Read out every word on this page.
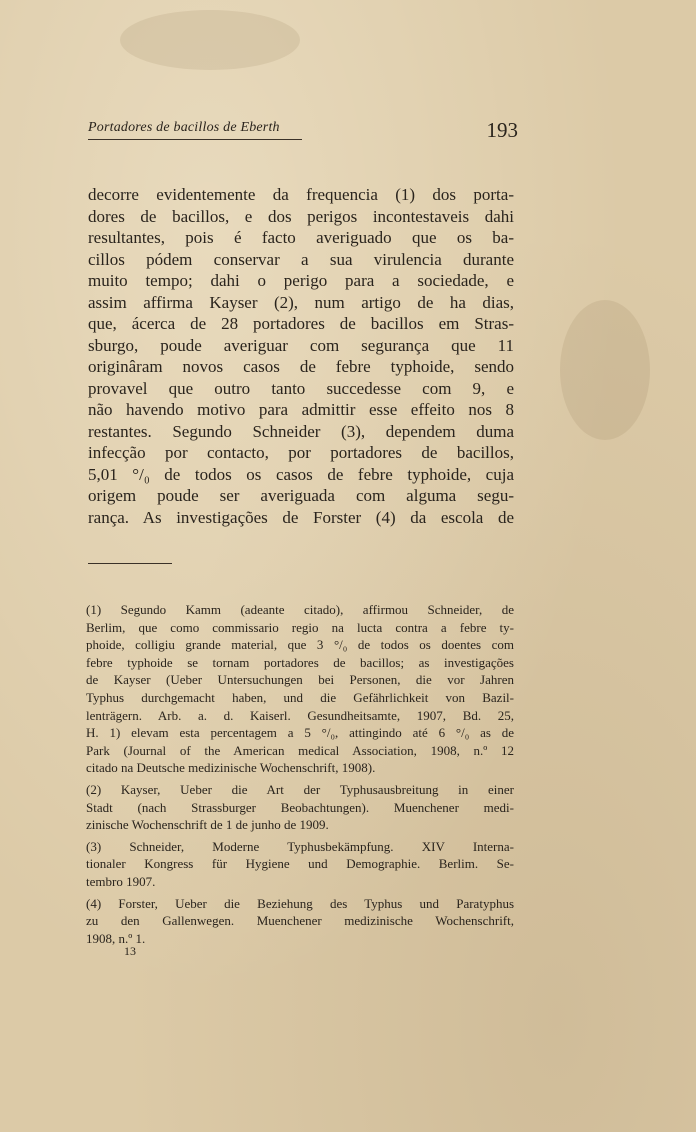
Portadores de bacillos de Eberth	193
decorre evidentemente da frequencia (1) dos porta-
dores de bacillos, e dos perigos incontestaveis dahi
resultantes, pois é facto averiguado que os ba-
cillos pódem conservar a sua virulencia durante
muito tempo; dahi o perigo para a sociedade, e
assim affirma Kayser (2), num artigo de ha dias,
que, ácerca de 28 portadores de bacillos em Stras-
sburgo, poude averiguar com segurança que 11
originâram novos casos de febre typhoide, sendo
provavel que outro tanto succedesse com 9, e
não havendo motivo para admittir esse effeito nos 8
restantes. Segundo Schneider (3), dependem duma
infecção por contacto, por portadores de bacillos,
5,01 °/₀ de todos os casos de febre typhoide, cuja
origem poude ser averiguada com alguma segu-
rança. As investigações de Forster (4) da escola de
(1) Segundo Kamm (adeante citado), affirmou Schneider, de
Berlim, que como commissario regio na lucta contra a febre ty-
phoide, colligiu grande material, que 3 °/₀ de todos os doentes com
febre typhoide se tornam portadores de bacillos; as investigações
de Kayser (Ueber Untersuchungen bei Personen, die vor Jahren
Typhus durchgemacht haben, und die Gefährlichkeit von Bazil-
lenträgern. Arb. a. d. Kaiserl. Gesundheitsamte, 1907, Bd. 25,
H. 1) elevam esta percentagem a 5 °/₀, attingindo até 6 °/₀ as de
Park (Journal of the American medical Association, 1908, n.º 12
citado na Deutsche medizinische Wochenschrift, 1908).
(2) Kayser, Ueber die Art der Typhusausbreitung in einer
Stadt (nach Strassburger Beobachtungen). Muenchener medi-
zinische Wochenschrift de 1 de junho de 1909.
(3) Schneider, Moderne Typhusbekämpfung. XIV Interna-
tionaler Kongress für Hygiene und Demographie. Berlim. Se-
tembro 1907.
(4) Forster, Ueber die Beziehung des Typhus und Paratyphus
zu den Gallenwegen. Muenchener medizinische Wochenschrift,
1908, n.º 1.
13
